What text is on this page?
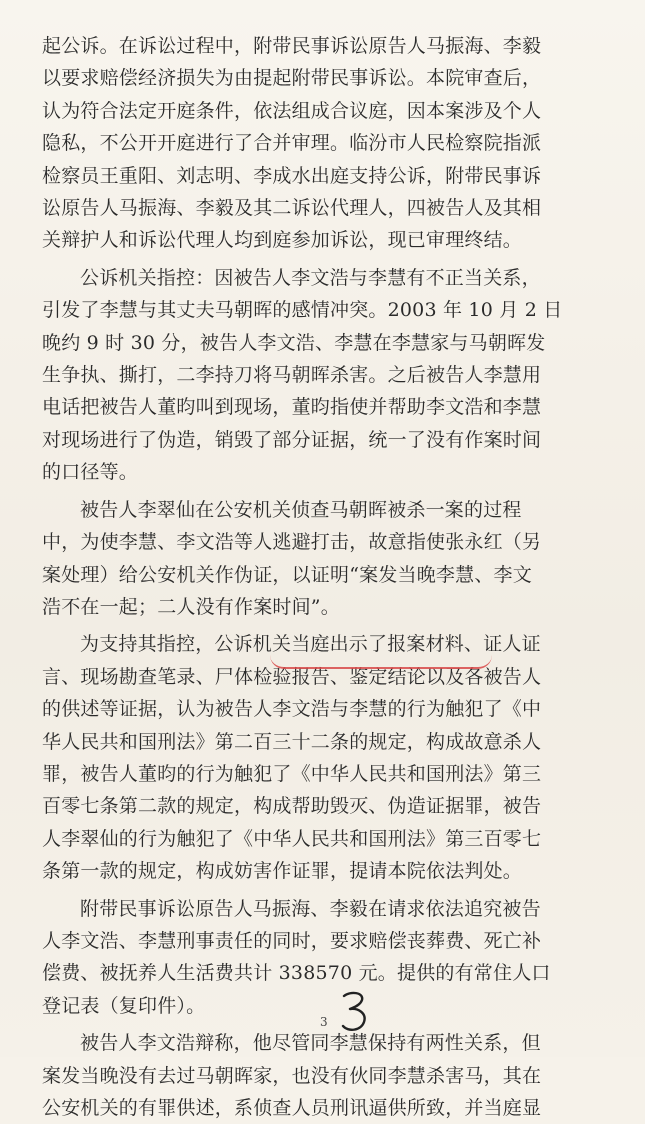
起公诉。在诉讼过程中，附带民事诉讼原告人马振海、李毅
以要求赔偿经济损失为由提起附带民事诉讼。本院审查后，
认为符合法定开庭条件，依法组成合议庭，因本案涉及个人
隐私，不公开开庭进行了合并审理。临汾市人民检察院指派
检察员王重阳、刘志明、李成水出庭支持公诉，附带民事诉
讼原告人马振海、李毅及其二诉讼代理人，四被告人及其相
关辩护人和诉讼代理人均到庭参加诉讼，现已审理终结。
公诉机关指控：因被告人李文浩与李慧有不正当关系，
引发了李慧与其丈夫马朝晖的感情冲突。2003 年 10 月 2 日
晚约 9 时 30 分，被告人李文浩、李慧在李慧家与马朝晖发
生争执、撕打，二李持刀将马朝晖杀害。之后被告人李慧用
电话把被告人董昀叫到现场，董昀指使并帮助李文浩和李慧
对现场进行了伪造，销毁了部分证据，统一了没有作案时间
的口径等。
被告人李翠仙在公安机关侦查马朝晖被杀一案的过程
中，为使李慧、李文浩等人逃避打击，故意指使张永红（另
案处理）给公安机关作伪证，以证明“案发当晚李慧、李文
浩不在一起；二人没有作案时间”。
为支持其指控，公诉机关当庭出示了报案材料、证人证
言、现场勘查笔录、尸体检验报告、鉴定结论以及各被告人
的供述等证据，认为被告人李文浩与李慧的行为触犯了《中
华人民共和国刑法》第二百三十二条的规定，构成故意杀人
罪，被告人董昀的行为触犯了《中华人民共和国刑法》第三
百零七条第二款的规定，构成帮助毁灭、伪造证据罪，被告
人李翠仙的行为触犯了《中华人民共和国刑法》第三百零七
条第一款的规定，构成妨害作证罪，提请本院依法判处。
附带民事诉讼原告人马振海、李毅在请求依法追究被告
人李文浩、李慧刑事责任的同时，要求赔偿丧葬费、死亡补
偿费、被抚养人生活费共计 338570 元。提供的有常住人口
登记表（复印件）。
被告人李文浩辩称，他尽管同李慧保持有两性关系，但
案发当晚没有去过马朝晖家，也没有伙同李慧杀害马，其在
公安机关的有罪供述，系侦查人员刑讯逼供所致，并当庭显
3
